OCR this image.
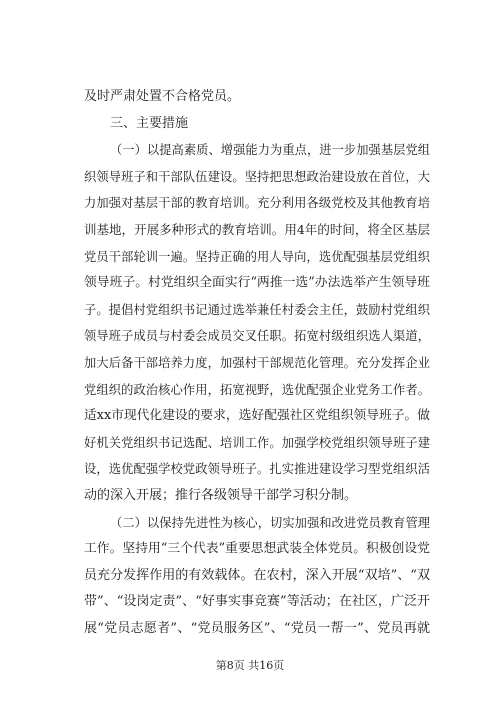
及时严肃处置不合格党员。
三、主要措施
（一）以提高素质、增强能力为重点，进一步加强基层党组
织领导班子和干部队伍建设。坚持把思想政治建设放在首位，大
力加强对基层干部的教育培训。充分利用各级党校及其他教育培
训基地，开展多种形式的教育培训。用4年的时间，将全区基层
党员干部轮训一遍。坚持正确的用人导向，选优配强基层党组织
领导班子。村党组织全面实行“两推一选”办法选举产生领导班
子。提倡村党组织书记通过选举兼任村委会主任，鼓励村党组织
领导班子成员与村委会成员交叉任职。拓宽村级组织选人渠道，
加大后备干部培养力度，加强村干部规范化管理。充分发挥企业
党组织的政治核心作用，拓宽视野，选优配强企业党务工作者。
适xx市现代化建设的要求，选好配强社区党组织领导班子。做
好机关党组织书记选配、培训工作。加强学校党组织领导班子建
设，选优配强学校党政领导班子。扎实推进建设学习型党组织活
动的深入开展；推行各级领导干部学习积分制。
（二）以保持先进性为核心，切实加强和改进党员教育管理
工作。坚持用“三个代表”重要思想武装全体党员。积极创设党
员充分发挥作用的有效载体。在农村，深入开展“双培”、“双
带”、“设岗定责”、“好事实事竞赛”等活动；在社区，广泛开
展“党员志愿者”、“党员服务区”、“党员一帮一”、党员再就
第8页 共16页
